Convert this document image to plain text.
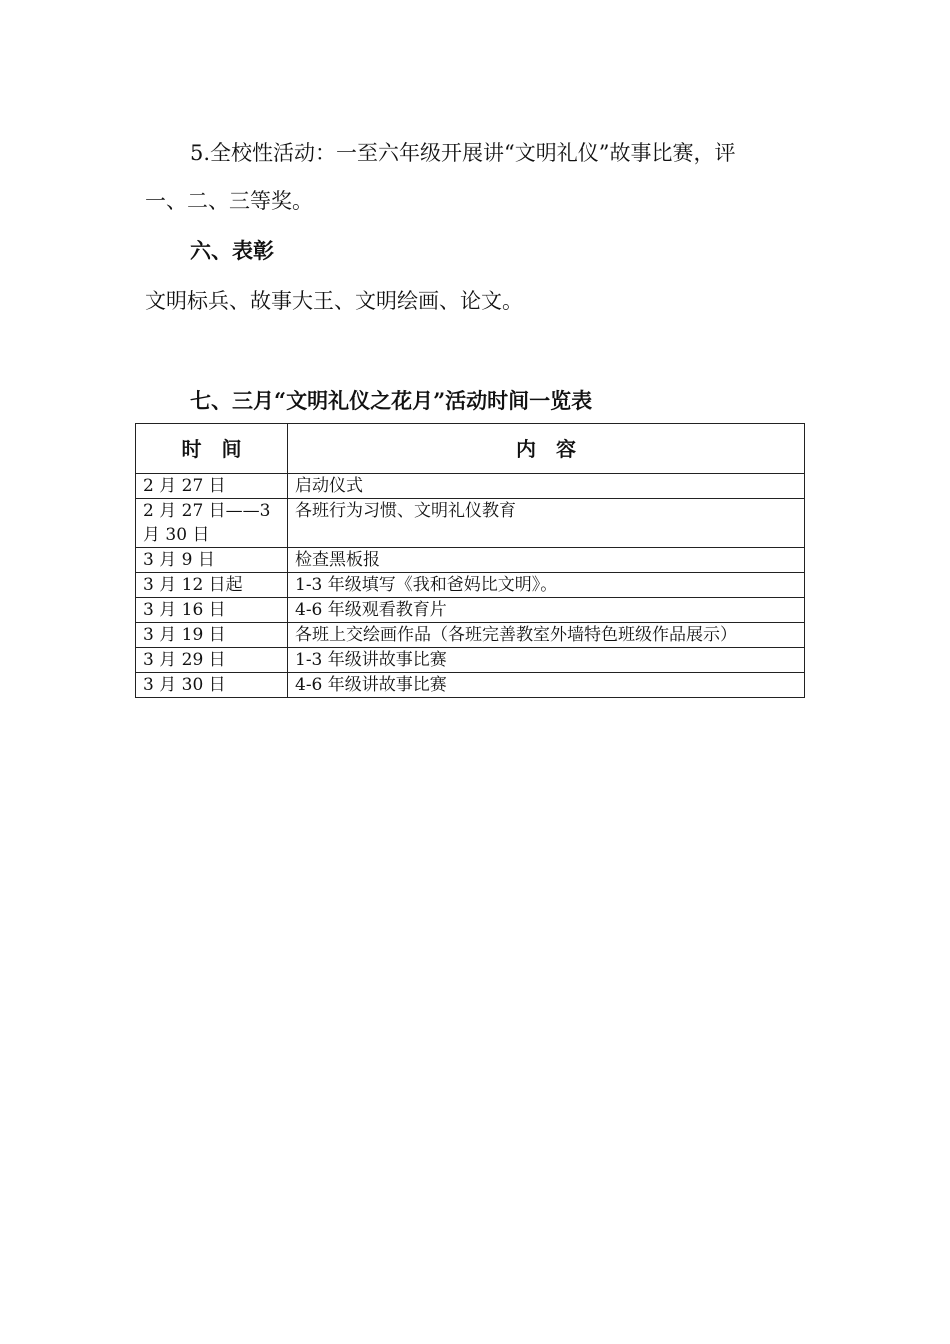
5.全校性活动：一至六年级开展讲“文明礼仪”故事比赛，评
一、二、三等奖。
六、表彰
文明标兵、故事大王、文明绘画、论文。
七、三月“文明礼仪之花月”活动时间一览表
时　间	内　容
2 月 27 日	启动仪式
2 月 27 日——3 月 30 日	各班行为习惯、文明礼仪教育
3 月 9 日	检查黑板报
3 月 12 日起	1-3 年级填写《我和爸妈比文明》。
3 月 16 日	4-6 年级观看教育片
3 月 19 日	各班上交绘画作品（各班完善教室外墙特色班级作品展示）
3 月 29 日	1-3 年级讲故事比赛
3 月 30 日	4-6 年级讲故事比赛
